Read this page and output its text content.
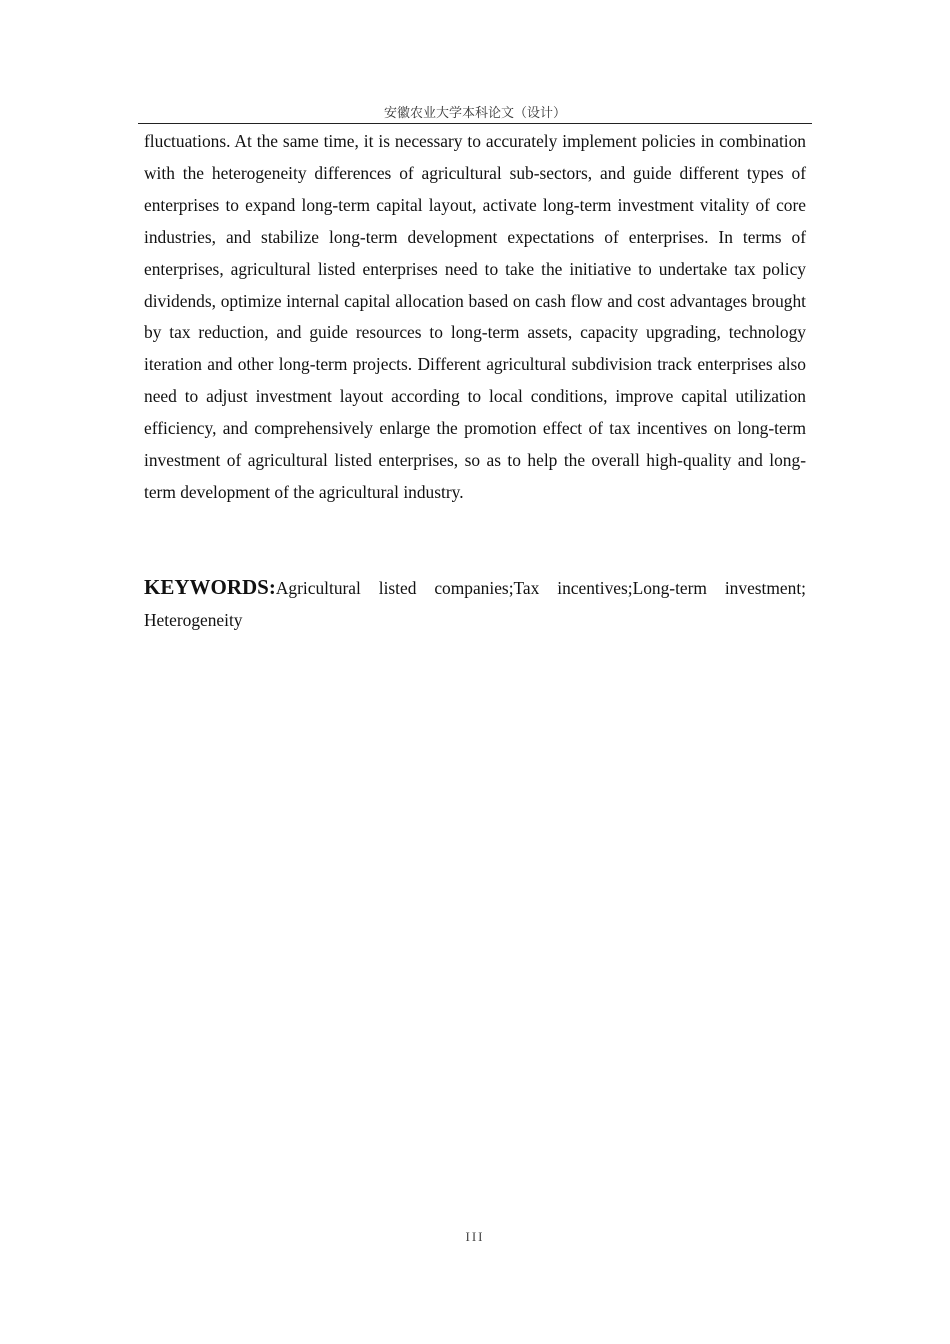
安徽农业大学本科论文（设计）

fluctuations. At the same time, it is necessary to accurately implement policies in combination with the heterogeneity differences of agricultural sub-sectors, and guide different types of enterprises to expand long-term capital layout, activate long-term investment vitality of core industries, and stabilize long-term development expectations of enterprises. In terms of enterprises, agricultural listed enterprises need to take the initiative to undertake tax policy dividends, optimize internal capital allocation based on cash flow and cost advantages brought by tax reduction, and guide resources to long-term assets, capacity upgrading, technology iteration and other long-term projects. Different agricultural subdivision track enterprises also need to adjust investment layout according to local conditions, improve capital utilization efficiency, and comprehensively enlarge the promotion effect of tax incentives on long-term investment of agricultural listed enterprises, so as to help the overall high-quality and long-term development of the agricultural industry.

KEYWORDS:Agricultural listed companies;Tax incentives;Long-term investment; Heterogeneity

III
